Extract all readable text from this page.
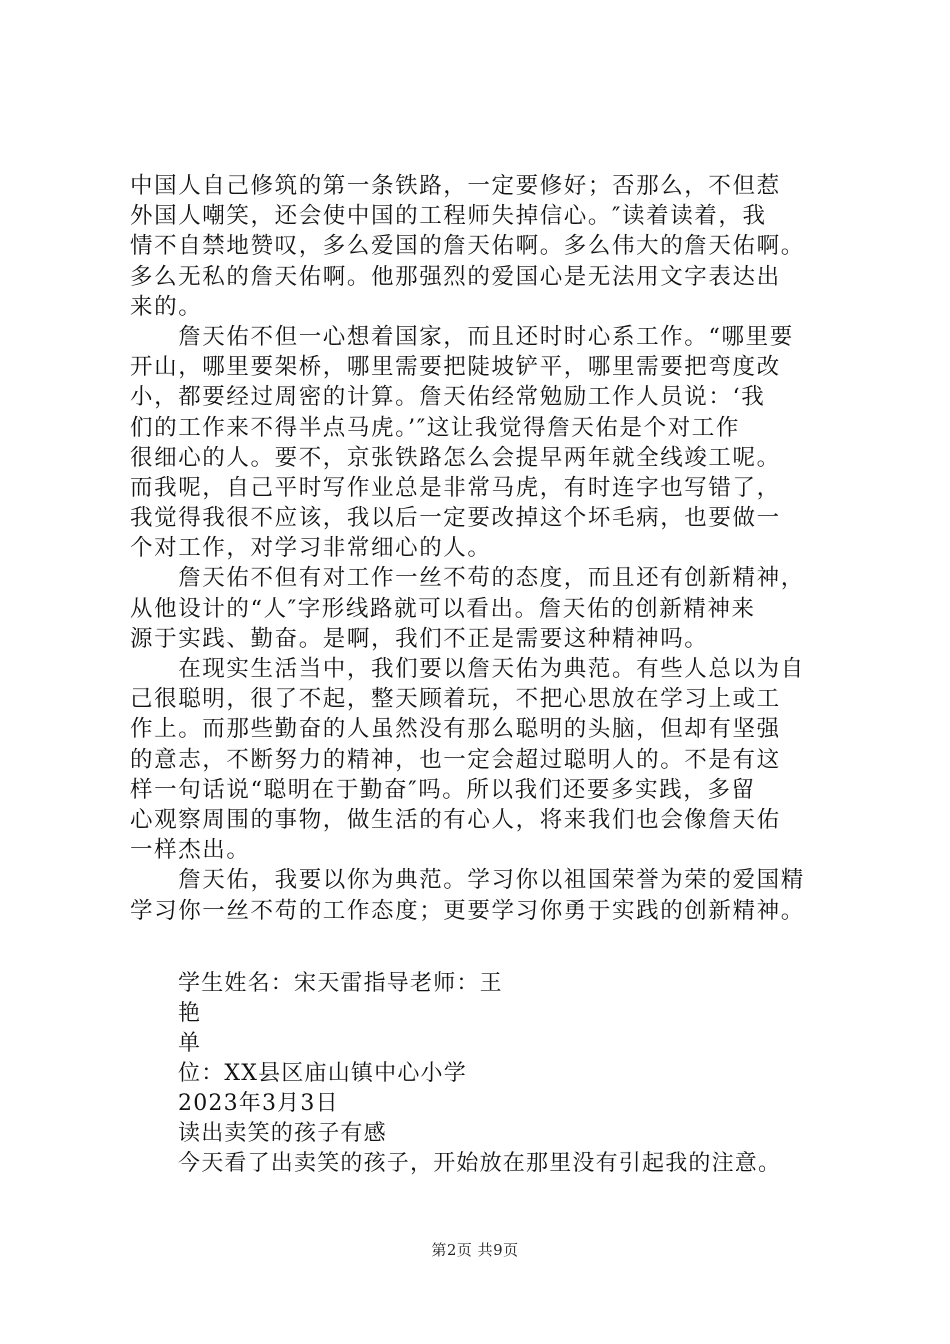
中国人自己修筑的第一条铁路，一定要修好；否那么，不但惹
外国人嘲笑，还会使中国的工程师失掉信心。″读着读着，我
情不自禁地赞叹，多么爱国的詹天佑啊。多么伟大的詹天佑啊。
多么无私的詹天佑啊。他那强烈的爱国心是无法用文字表达出
来的。
　　詹天佑不但一心想着国家，而且还时时心系工作。“哪里要
开山，哪里要架桥，哪里需要把陡坡铲平，哪里需要把弯度改
小，都要经过周密的计算。詹天佑经常勉励工作人员说：‘我
们的工作来不得半点马虎。’″这让我觉得詹天佑是个对工作
很细心的人。要不，京张铁路怎么会提早两年就全线竣工呢。
而我呢，自己平时写作业总是非常马虎，有时连字也写错了，
我觉得我很不应该，我以后一定要改掉这个坏毛病，也要做一
个对工作，对学习非常细心的人。
　　詹天佑不但有对工作一丝不苟的态度，而且还有创新精神，
从他设计的“人″字形线路就可以看出。詹天佑的创新精神来
源于实践、勤奋。是啊，我们不正是需要这种精神吗。
　　在现实生活当中，我们要以詹天佑为典范。有些人总以为自
己很聪明，很了不起，整天顾着玩，不把心思放在学习上或工
作上。而那些勤奋的人虽然没有那么聪明的头脑，但却有坚强
的意志，不断努力的精神，也一定会超过聪明人的。不是有这
样一句话说“聪明在于勤奋″吗。所以我们还要多实践，多留
心观察周围的事物，做生活的有心人，将来我们也会像詹天佑
一样杰出。
　　詹天佑，我要以你为典范。学习你以祖国荣誉为荣的爱国精
学习你一丝不苟的工作态度；更要学习你勇于实践的创新精神。
学生姓名：宋天雷指导老师：王
艳
单
位：XX县区庙山镇中心小学
2023年3月3日
读出卖笑的孩子有感
今天看了出卖笑的孩子，开始放在那里没有引起我的注意。
第2页 共9页
